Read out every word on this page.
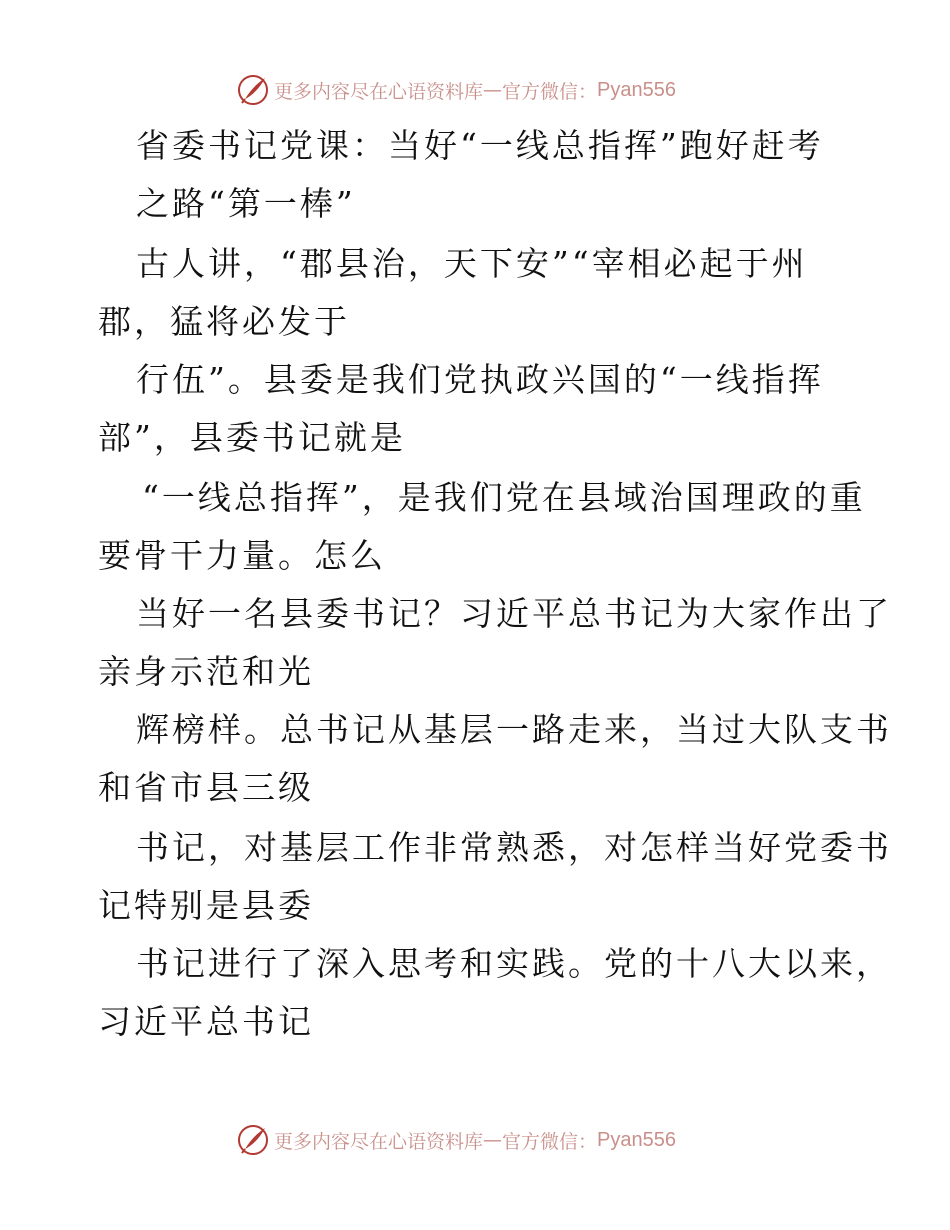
更多内容尽在心语资料库 — 官方微信： Pyan556
省委书记党课：当好“一线总指挥”跑好赶考
之路“第一棒”
古人讲，“郡县治，天下安”“宰相必起于州
郡，猛将必发于
行伍”。县委是我们党执政兴国的“一线指挥
部”，县委书记就是
“一线总指挥”，是我们党在县域治国理政的重
要骨干力量。怎么
当好一名县委书记？习近平总书记为大家作出了
亲身示范和光
辉榜样。总书记从基层一路走来，当过大队支书
和省市县三级
书记，对基层工作非常熟悉，对怎样当好党委书
记特别是县委
书记进行了深入思考和实践。党的十八大以来，
习近平总书记
更多内容尽在心语资料库 — 官方微信： Pyan556
